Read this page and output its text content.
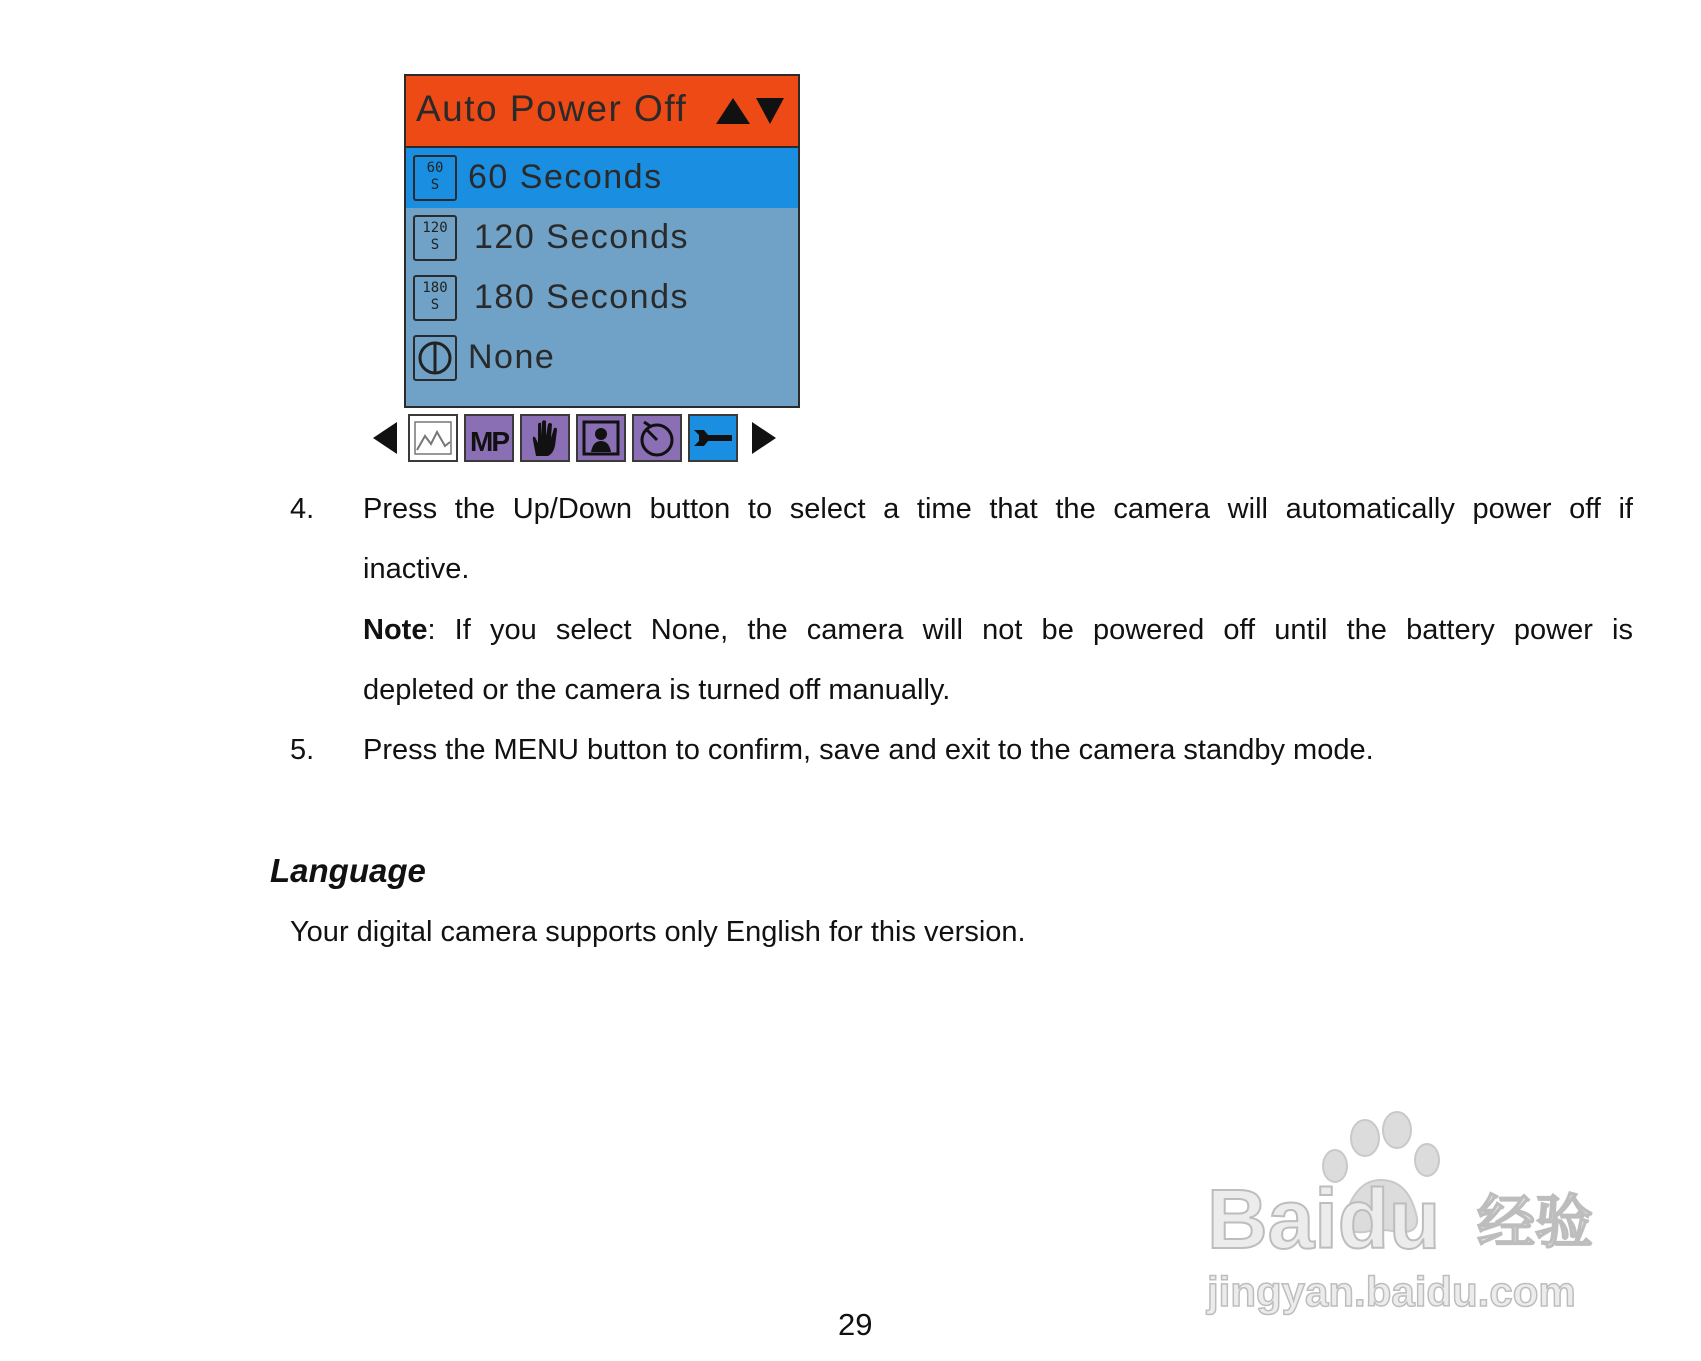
Auto Power Off
60
S 60 Seconds
120
S	120 Seconds
180
S	180 Seconds
None
MP
4. Press the Up/Down button to select a time that the camera will automatically power off if
inactive.
Note: If you select None, the camera will not be powered off until the battery power is
depleted or the camera is turned off manually.
5. Press the MENU button to confirm, save and exit to the camera standby mode.
Language
Your digital camera supports only English for this version.
29
Baidu 经验
jingyan.baidu.com
